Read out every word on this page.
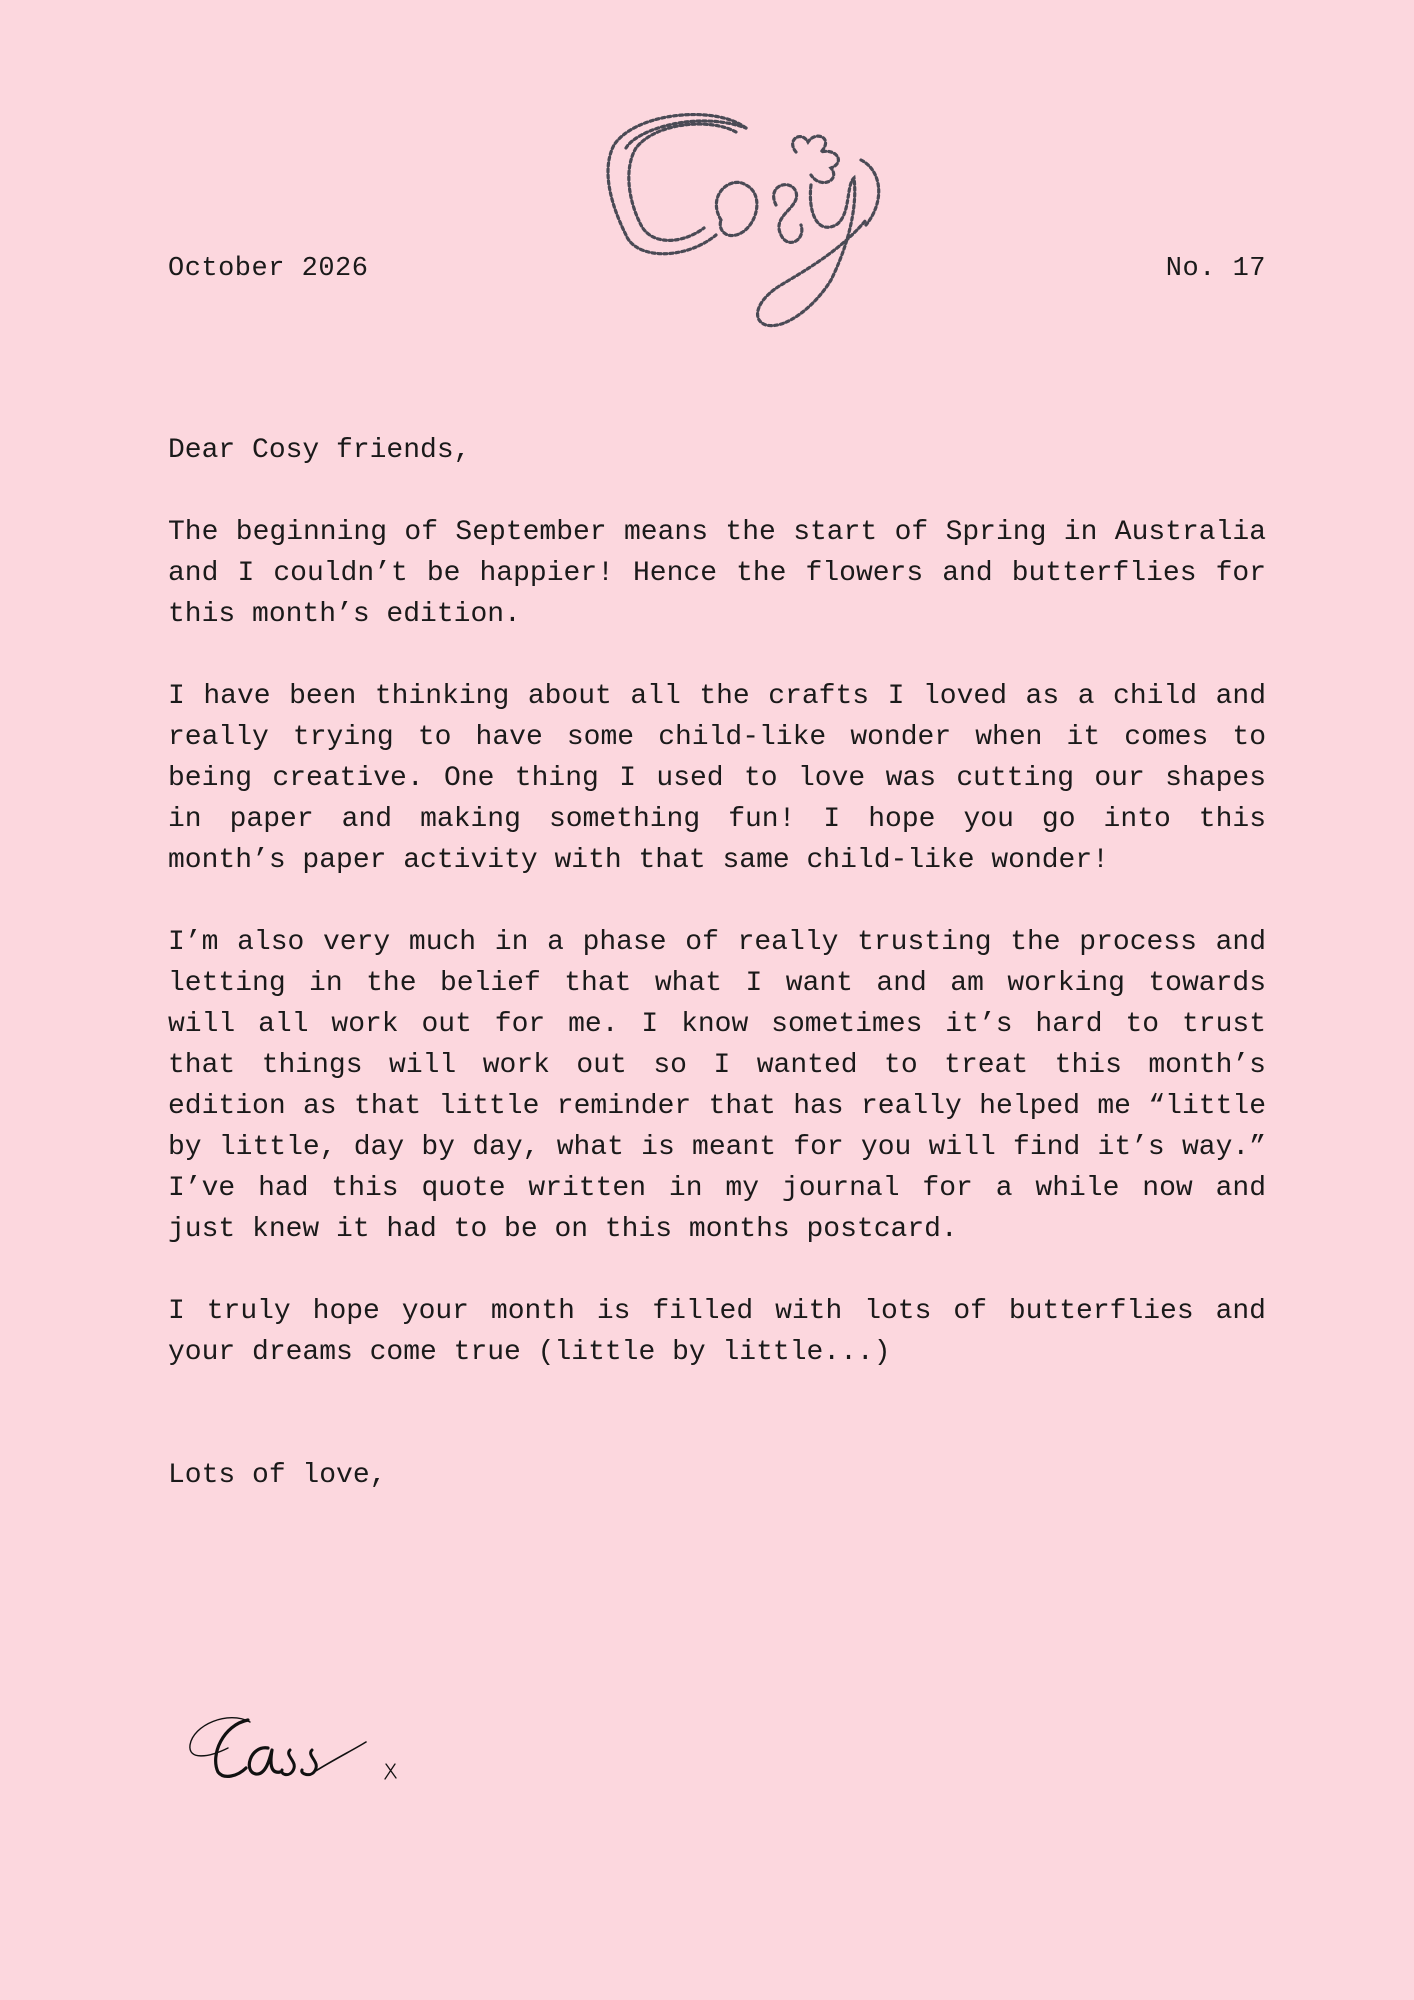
October 2026	No. 17

Dear Cosy friends,

The beginning of September means the start of Spring in Australia and I couldn’t be happier! Hence the flowers and butterflies for this month’s edition.

I have been thinking about all the crafts I loved as a child and really trying to have some child-like wonder when it comes to being creative. One thing I used to love was cutting our shapes in paper and making something fun! I hope you go into this month’s paper activity with that same child-like wonder!

I’m also very much in a phase of really trusting the process and letting in the belief that what I want and am working towards will all work out for me. I know sometimes it’s hard to trust that things will work out so I wanted to treat this month’s edition as that little reminder that has really helped me “little by little, day by day, what is meant for you will find it’s way.” I’ve had this quote written in my journal for a while now and just knew it had to be on this months postcard.

I truly hope your month is filled with lots of butterflies and your dreams come true (little by little...)

Lots of love,
